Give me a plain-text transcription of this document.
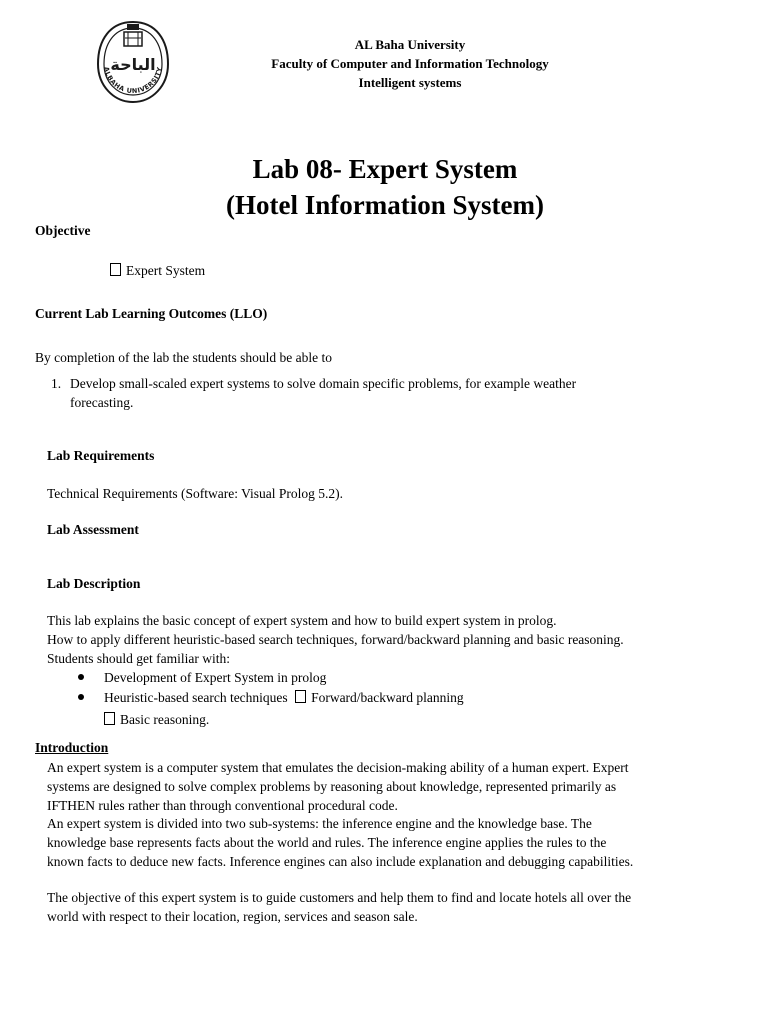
الباحة
ALBAHA UNIVERSITY
AL Baha University
Faculty of Computer and Information Technology
Intelligent systems
Lab 08- Expert System
(Hotel Information System)
Objective
Expert System
Current Lab Learning Outcomes (LLO)
By completion of the lab the students should be able to
1. Develop small-scaled expert systems to solve domain specific problems, for example weather
forecasting.
Lab Requirements
Technical Requirements (Software: Visual Prolog 5.2).
Lab Assessment
Lab Description
This lab explains the basic concept of expert system and how to build expert system in prolog.
How to apply different heuristic-based search techniques, forward/backward planning and basic reasoning.
Students should get familiar with:
Development of Expert System in prolog
Heuristic-based search techniques Forward/backward planning
Basic reasoning.
Introduction
An expert system is a computer system that emulates the decision-making ability of a human expert. Expert
systems are designed to solve complex problems by reasoning about knowledge, represented primarily as
IFTHEN rules rather than through conventional procedural code.
An expert system is divided into two sub-systems: the inference engine and the knowledge base. The
knowledge base represents facts about the world and rules. The inference engine applies the rules to the
known facts to deduce new facts. Inference engines can also include explanation and debugging capabilities.
The objective of this expert system is to guide customers and help them to find and locate hotels all over the
world with respect to their location, region, services and season sale.
